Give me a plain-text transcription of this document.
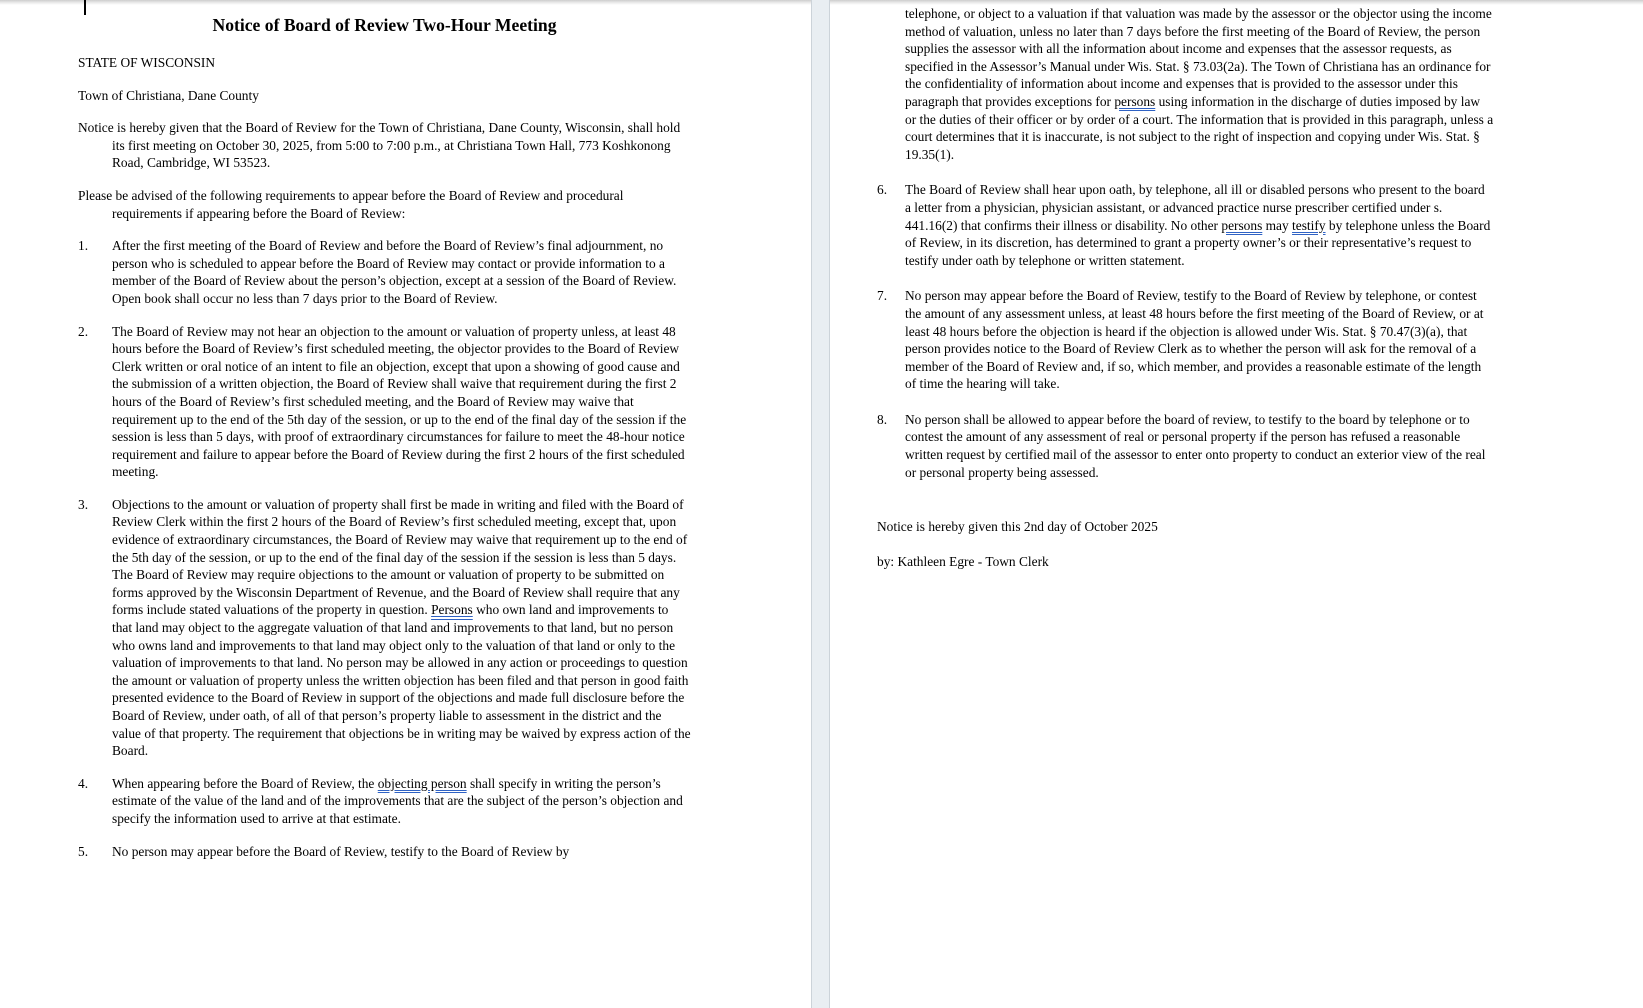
Notice of Board of Review Two-Hour Meeting

STATE OF WISCONSIN

Town of Christiana, Dane County

Notice is hereby given that the Board of Review for the Town of Christiana, Dane County, Wisconsin, shall hold its first meeting on October 30, 2025, from 5:00 to 7:00 p.m., at Christiana Town Hall, 773 Koshkonong Road, Cambridge, WI 53523.

Please be advised of the following requirements to appear before the Board of Review and procedural requirements if appearing before the Board of Review:

1.	After the first meeting of the Board of Review and before the Board of Review’s final adjournment, no person who is scheduled to appear before the Board of Review may contact or provide information to a member of the Board of Review about the person’s objection, except at a session of the Board of Review. Open book shall occur no less than 7 days prior to the Board of Review.
2.	The Board of Review may not hear an objection to the amount or valuation of property unless, at least 48 hours before the Board of Review’s first scheduled meeting, the objector provides to the Board of Review Clerk written or oral notice of an intent to file an objection, except that upon a showing of good cause and the submission of a written objection, the Board of Review shall waive that requirement during the first 2 hours of the Board of Review’s first scheduled meeting, and the Board of Review may waive that requirement up to the end of the 5th day of the session, or up to the end of the final day of the session if the session is less than 5 days, with proof of extraordinary circumstances for failure to meet the 48-hour notice requirement and failure to appear before the Board of Review during the first 2 hours of the first scheduled meeting.
3.	Objections to the amount or valuation of property shall first be made in writing and filed with the Board of Review Clerk within the first 2 hours of the Board of Review’s first scheduled meeting, except that, upon evidence of extraordinary circumstances, the Board of Review may waive that requirement up to the end of the 5th day of the session, or up to the end of the final day of the session if the session is less than 5 days. The Board of Review may require objections to the amount or valuation of property to be submitted on forms approved by the Wisconsin Department of Revenue, and the Board of Review shall require that any forms include stated valuations of the property in question. Persons who own land and improvements to that land may object to the aggregate valuation of that land and improvements to that land, but no person who owns land and improvements to that land may object only to the valuation of that land or only to the valuation of improvements to that land. No person may be allowed in any action or proceedings to question the amount or valuation of property unless the written objection has been filed and that person in good faith presented evidence to the Board of Review in support of the objections and made full disclosure before the Board of Review, under oath, of all of that person’s property liable to assessment in the district and the value of that property. The requirement that objections be in writing may be waived by express action of the Board.
4.	When appearing before the Board of Review, the objecting person shall specify in writing the person’s estimate of the value of the land and of the improvements that are the subject of the person’s objection and specify the information used to arrive at that estimate.
5.	No person may appear before the Board of Review, testify to the Board of Review by

telephone, or object to a valuation if that valuation was made by the assessor or the objector using the income method of valuation, unless no later than 7 days before the first meeting of the Board of Review, the person supplies the assessor with all the information about income and expenses that the assessor requests, as specified in the Assessor’s Manual under Wis. Stat. § 73.03(2a). The Town of Christiana has an ordinance for the confidentiality of information about income and expenses that is provided to the assessor under this paragraph that provides exceptions for persons using information in the discharge of duties imposed by law or the duties of their officer or by order of a court. The information that is provided in this paragraph, unless a court determines that it is inaccurate, is not subject to the right of inspection and copying under Wis. Stat. § 19.35(1).

6.	The Board of Review shall hear upon oath, by telephone, all ill or disabled persons who present to the board a letter from a physician, physician assistant, or advanced practice nurse prescriber certified under s. 441.16(2) that confirms their illness or disability. No other persons may testify by telephone unless the Board of Review, in its discretion, has determined to grant a property owner’s or their representative’s request to testify under oath by telephone or written statement.
7.	No person may appear before the Board of Review, testify to the Board of Review by telephone, or contest the amount of any assessment unless, at least 48 hours before the first meeting of the Board of Review, or at least 48 hours before the objection is heard if the objection is allowed under Wis. Stat. § 70.47(3)(a), that person provides notice to the Board of Review Clerk as to whether the person will ask for the removal of a member of the Board of Review and, if so, which member, and provides a reasonable estimate of the length of time the hearing will take.
8.	No person shall be allowed to appear before the board of review, to testify to the board by telephone or to contest the amount of any assessment of real or personal property if the person has refused a reasonable written request by certified mail of the assessor to enter onto property to conduct an exterior view of the real or personal property being assessed.

Notice is hereby given this 2nd day of October 2025

by: Kathleen Egre - Town Clerk
